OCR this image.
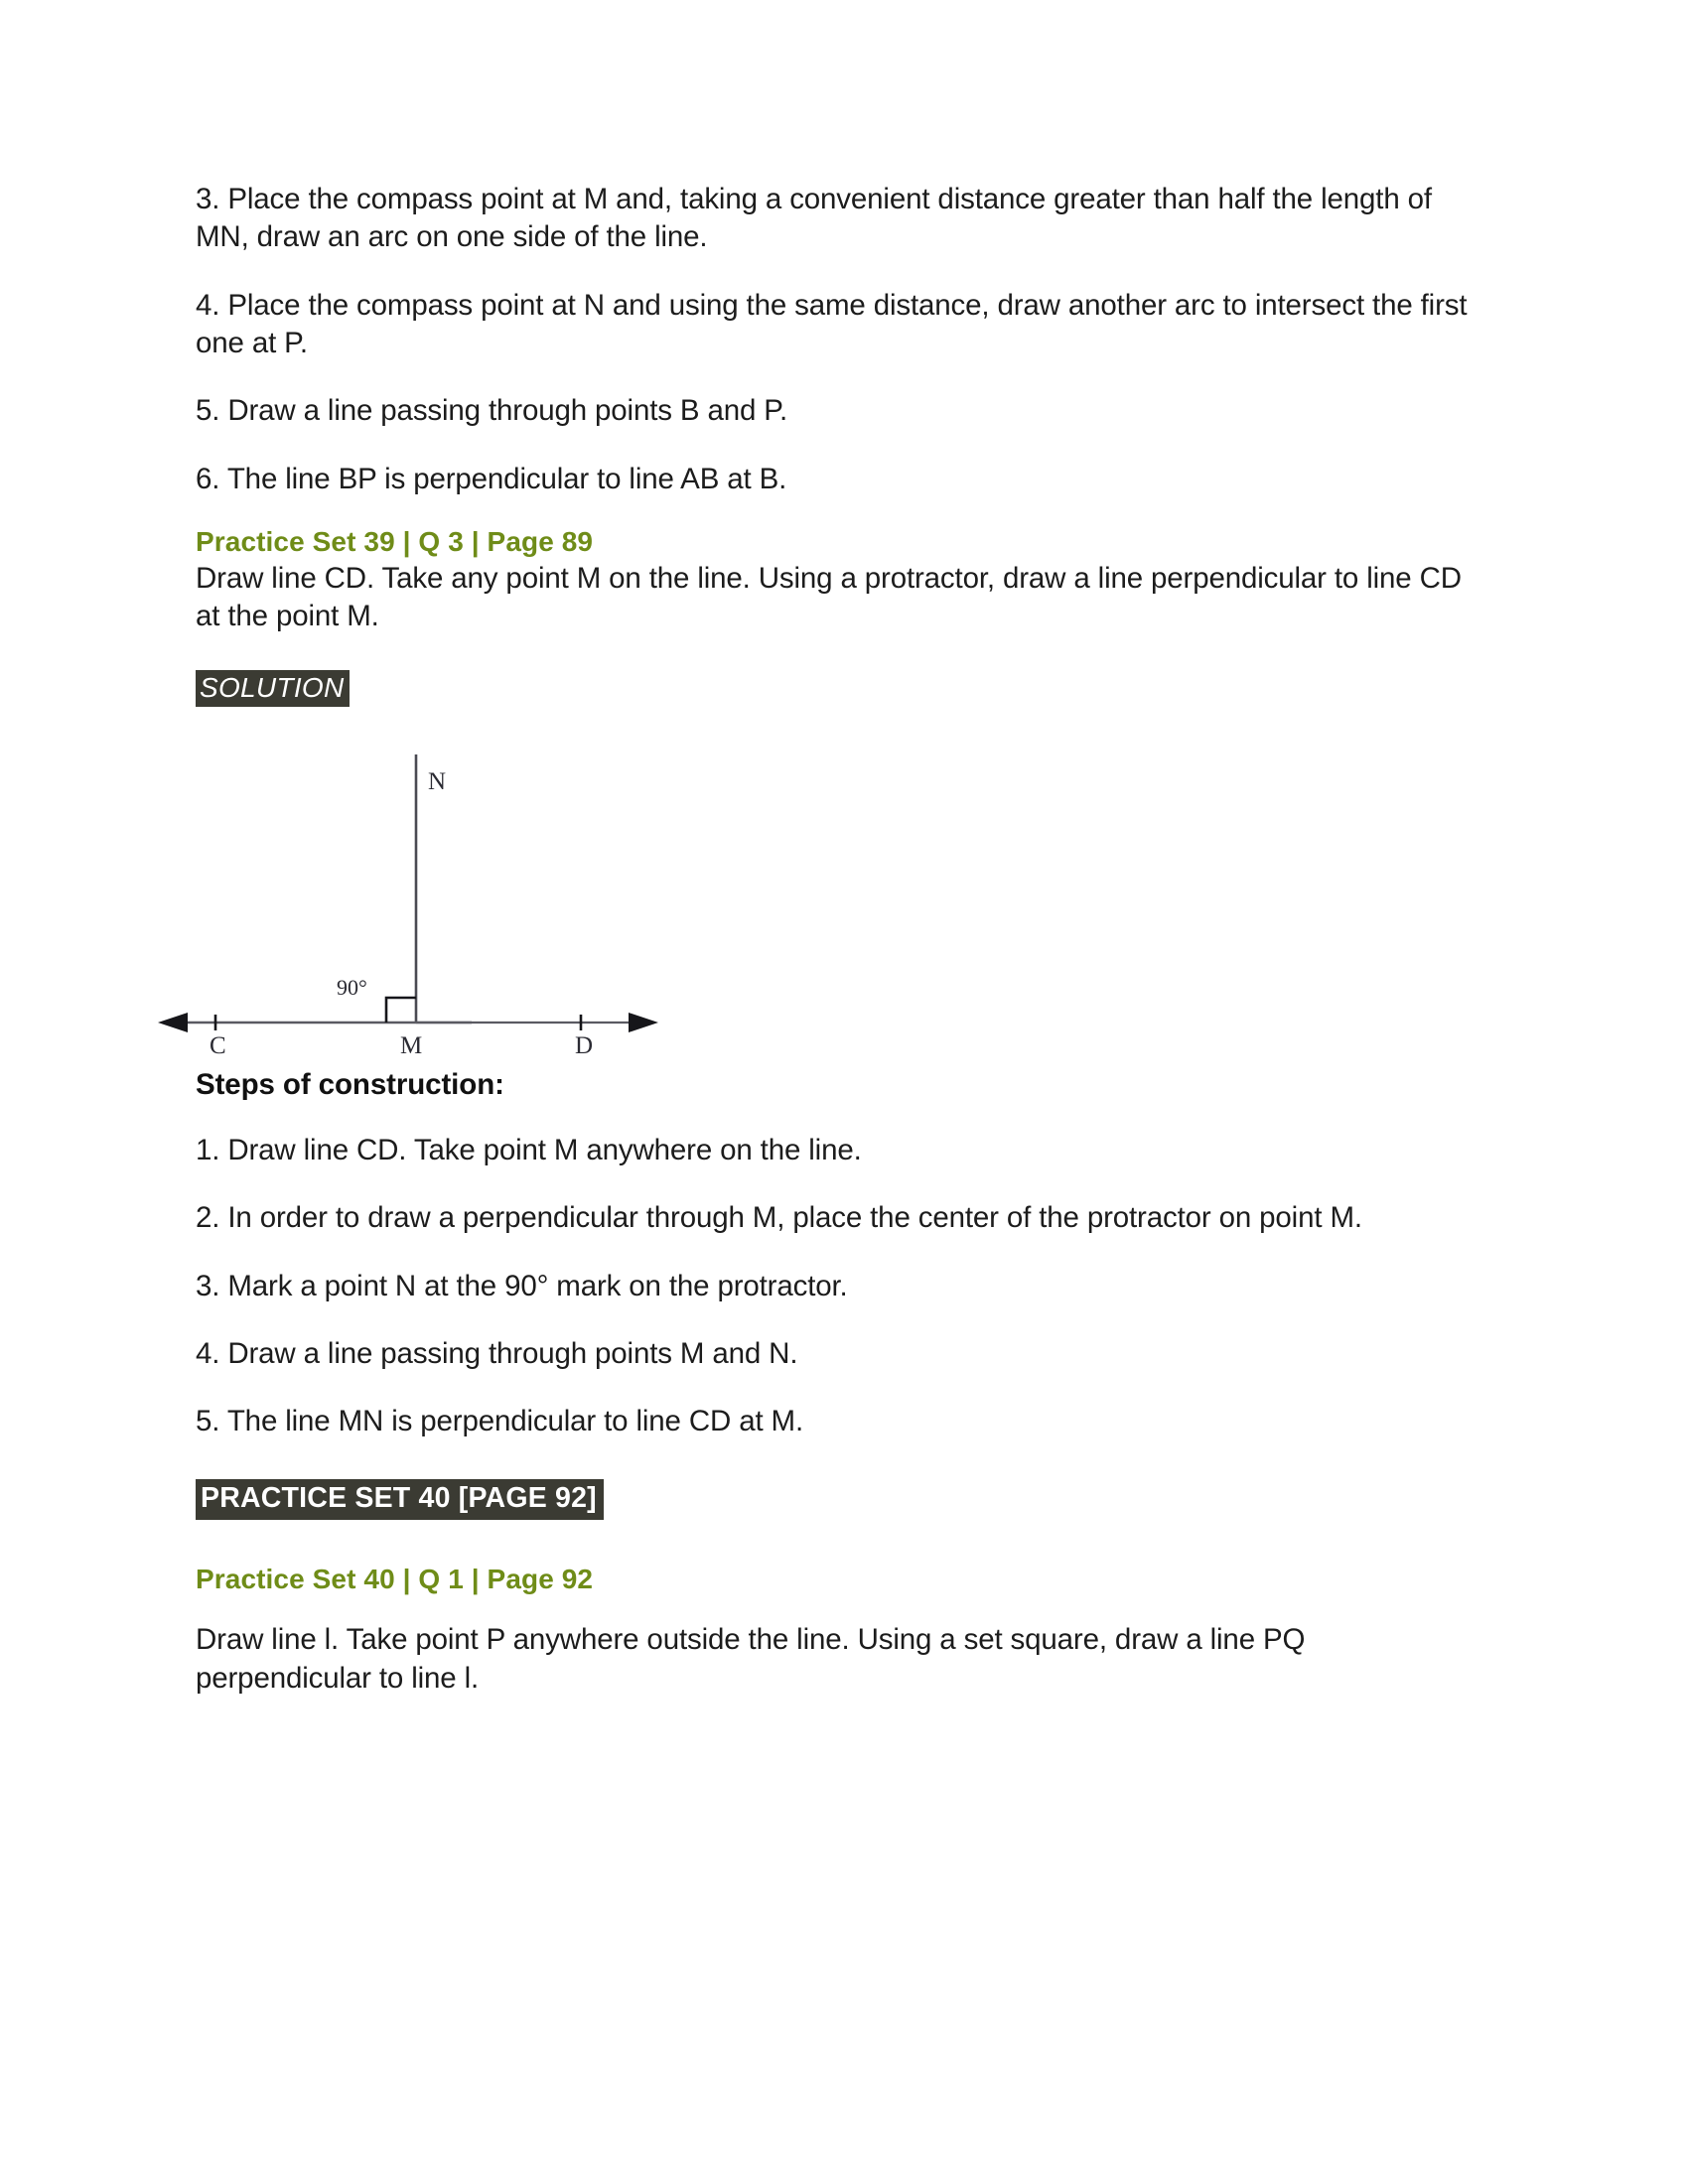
3. Place the compass point at M and, taking a convenient distance greater than half the length of MN, draw an arc on one side of the line.

4. Place the compass point at N and using the same distance, draw another arc to intersect the first one at P.

5. Draw a line passing through points B and P.

6. The line BP is perpendicular to line AB at B.

Practice Set 39 | Q 3 | Page 89
Draw line CD. Take any point M on the line. Using a protractor, draw a line perpendicular to line CD at the point M.
SOLUTION
N
C	M	D
90°
Steps of construction:

1. Draw line CD. Take point M anywhere on the line.

2. In order to draw a perpendicular through M, place the center of the protractor on point M.

3. Mark a point N at the 90° mark on the protractor.

4. Draw a line passing through points M and N.

5. The line MN is perpendicular to line CD at M.

PRACTICE SET 40 [PAGE 92]
Practice Set 40 | Q 1 | Page 92
Draw line l. Take point P anywhere outside the line. Using a set square, draw a line PQ perpendicular to line l.
